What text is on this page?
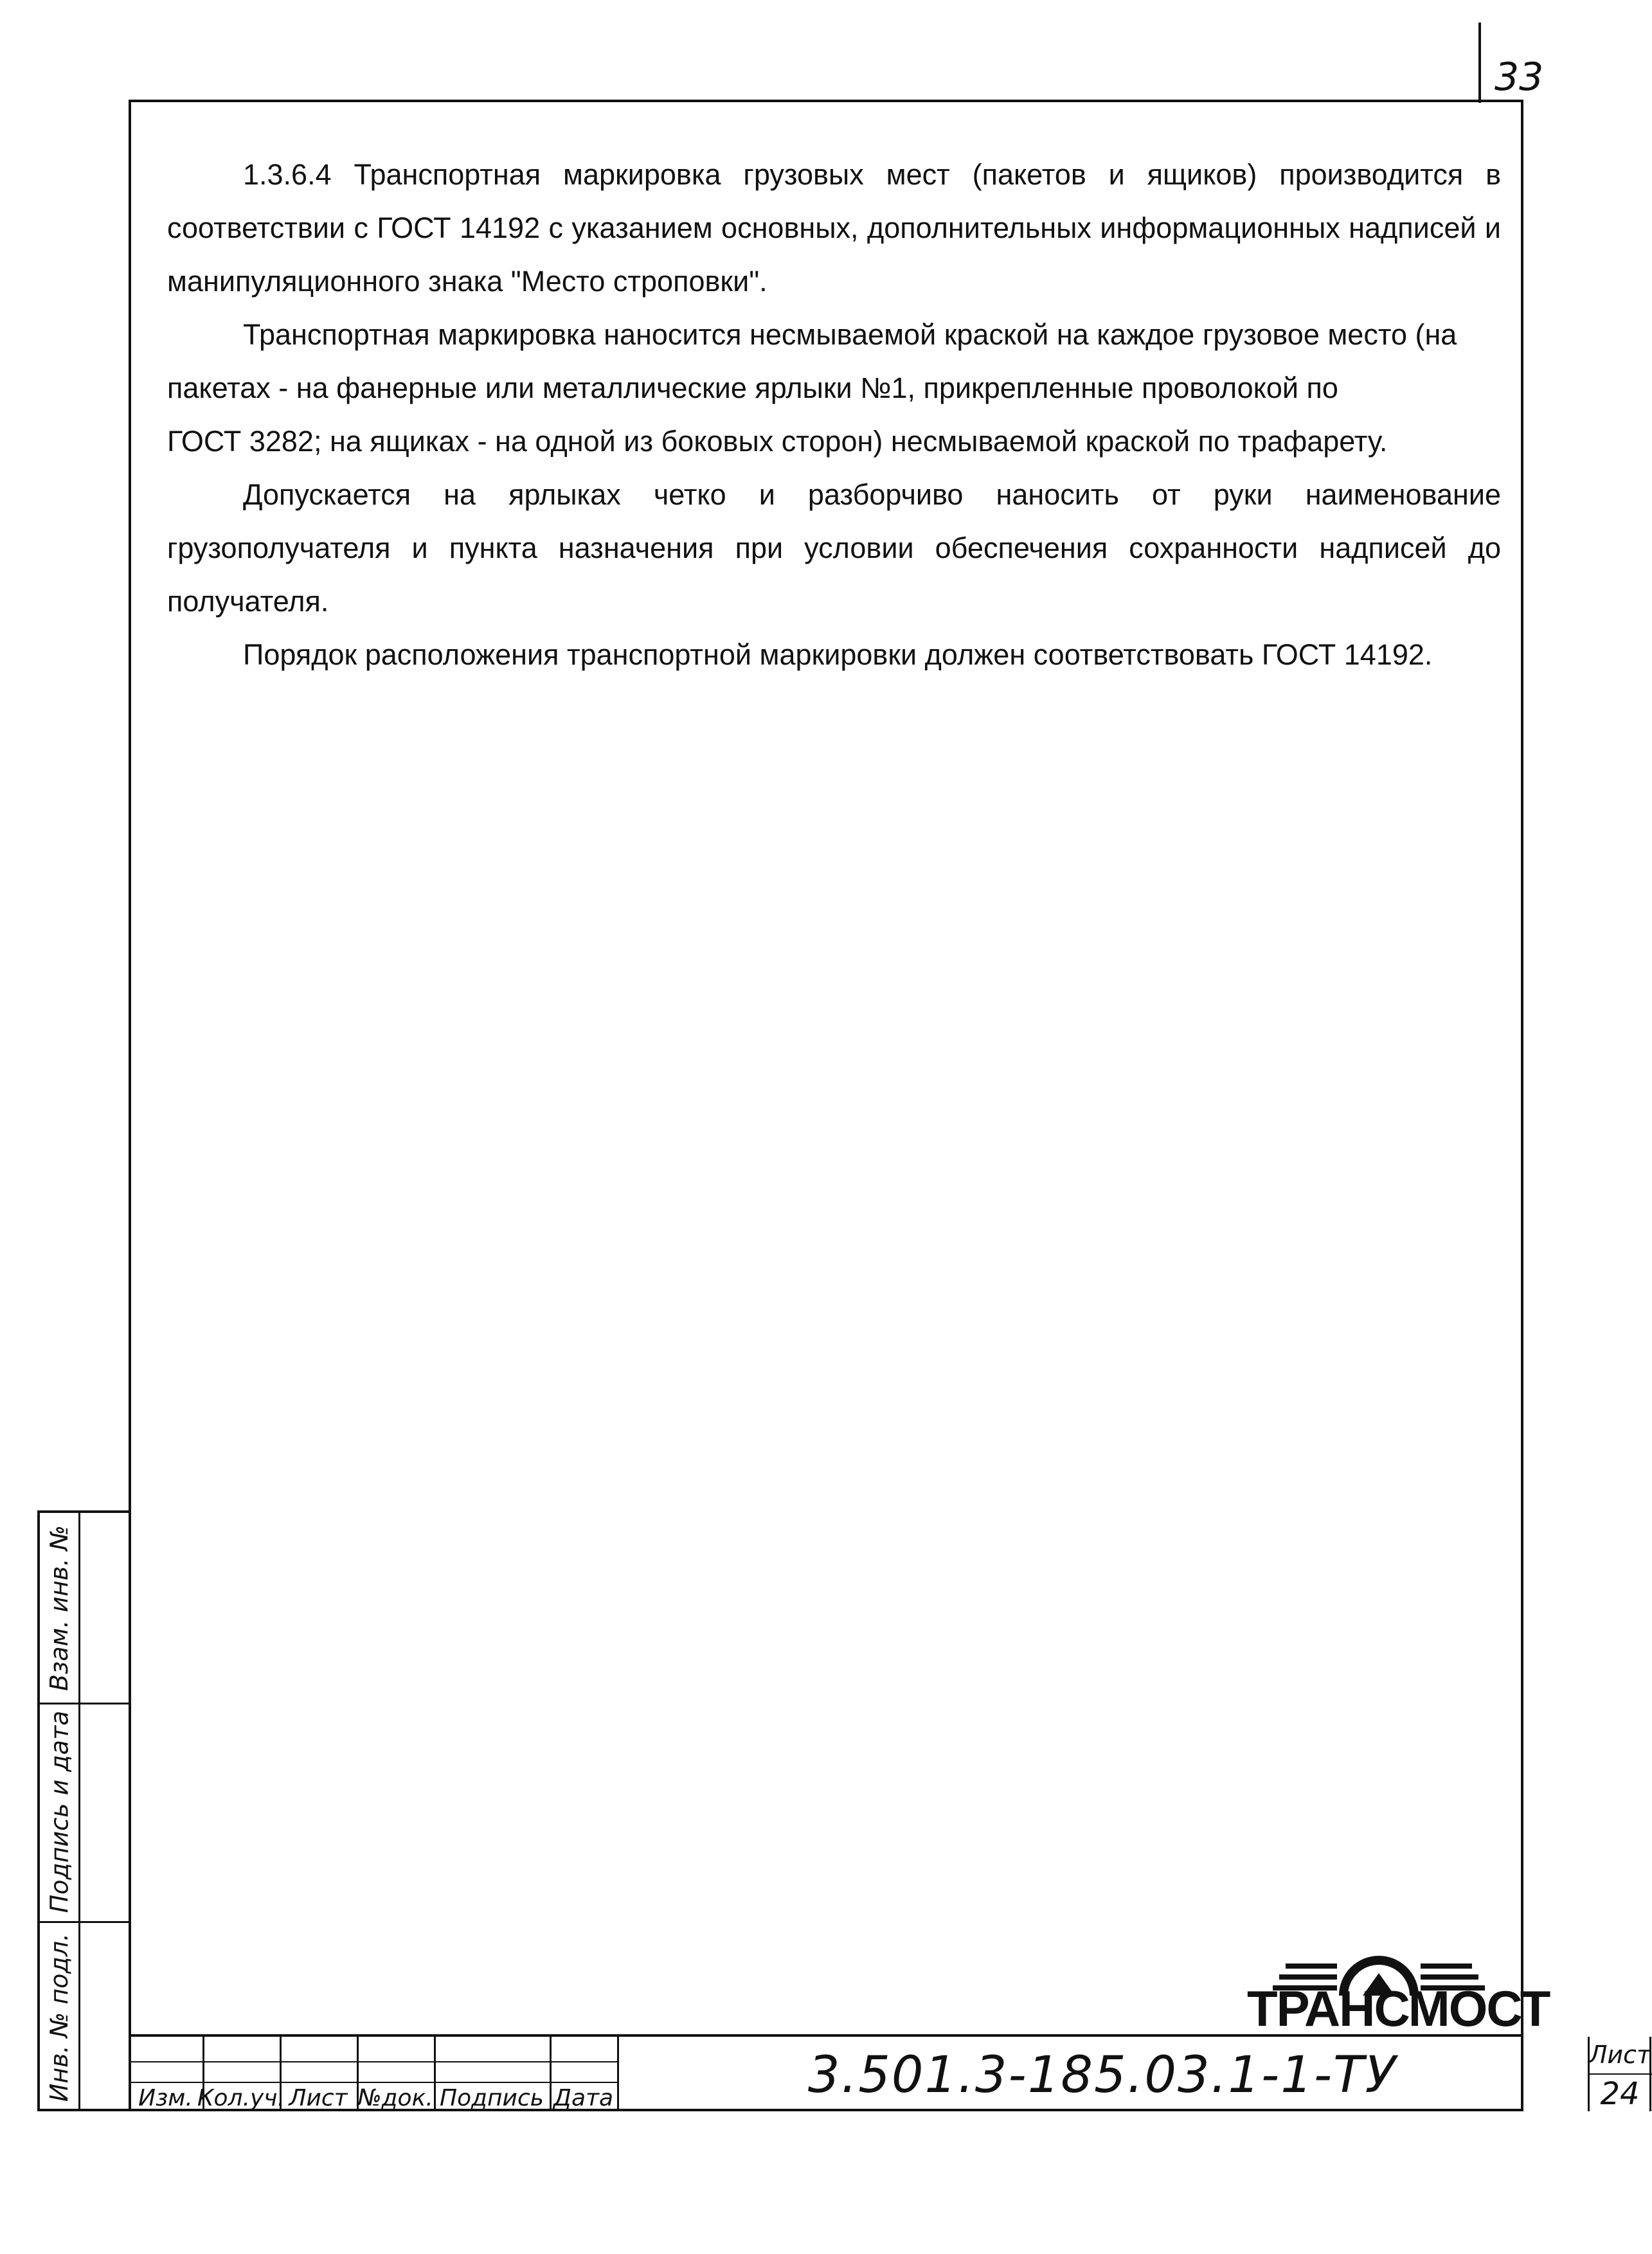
33

1.3.6.4 Транспортная маркировка грузовых мест (пакетов и ящиков) производится в соответствии с ГОСТ 14192 с указанием основных, дополнительных информационных надписей и манипуляционного знака "Место строповки".

Транспортная маркировка наносится несмываемой краской на каждое грузовое место (на

пакетах - на фанерные или металлические ярлыки №1, прикрепленные проволокой по

ГОСТ 3282; на ящиках - на одной из боковых сторон) несмываемой краской по трафарету.

Допускается на ярлыках четко и разборчиво наносить от руки наименование грузополучателя и пункта назначения при условии обеспечения сохранности надписей до получателя.

Порядок расположения транспортной маркировки должен соответствовать ГОСТ 14192.

Взам. инв. №
Подпись и дата
Инв. № подл.	ТРАНСМОСТ
Изм. Кол.уч. Лист №док. Подпись Дата	3.501.3-185.03.1-1-ТУ	Лист
24
